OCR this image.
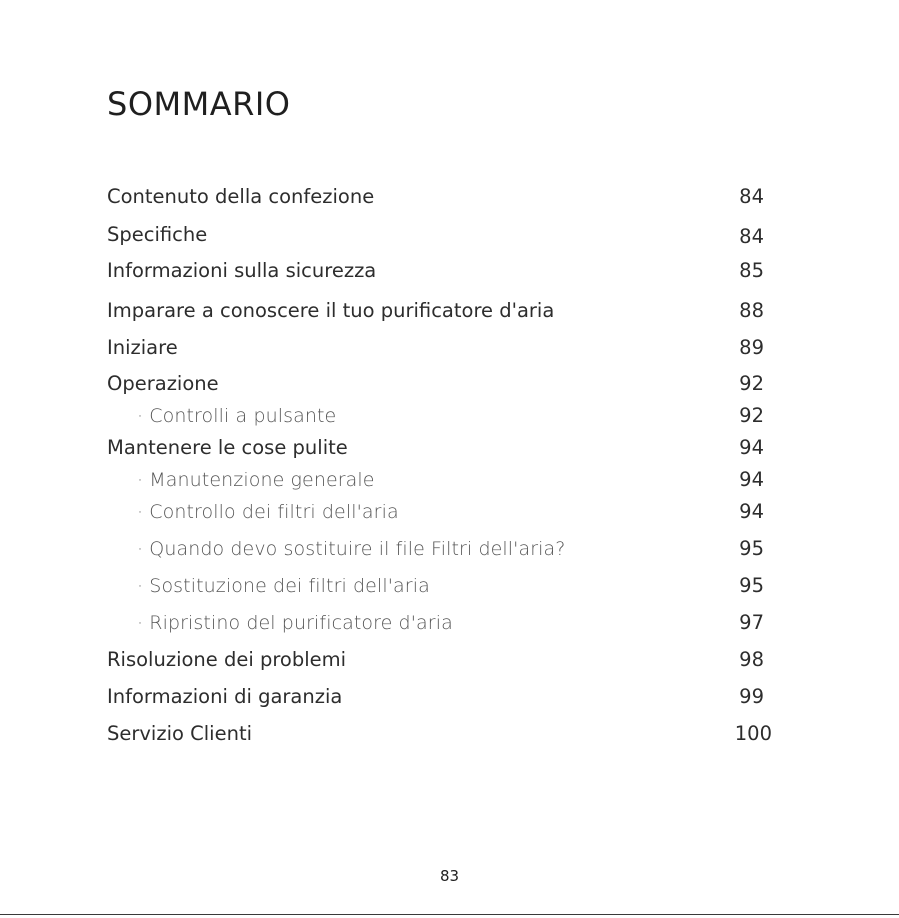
SOMMARIO
Contenuto della confezione	84
Specifiche	84
Informazioni sulla sicurezza	85
Imparare a conoscere il tuo purificatore d'aria	88
Iniziare	89
Operazione	92
· Controlli a pulsante	92
Mantenere le cose pulite	94
· Manutenzione generale	94
· Controllo dei filtri dell'aria	94
· Quando devo sostituire il file Filtri dell'aria?	95
· Sostituzione dei filtri dell'aria	95
· Ripristino del purificatore d'aria	97
Risoluzione dei problemi	98
Informazioni di garanzia	99
Servizio Clienti	100
83
